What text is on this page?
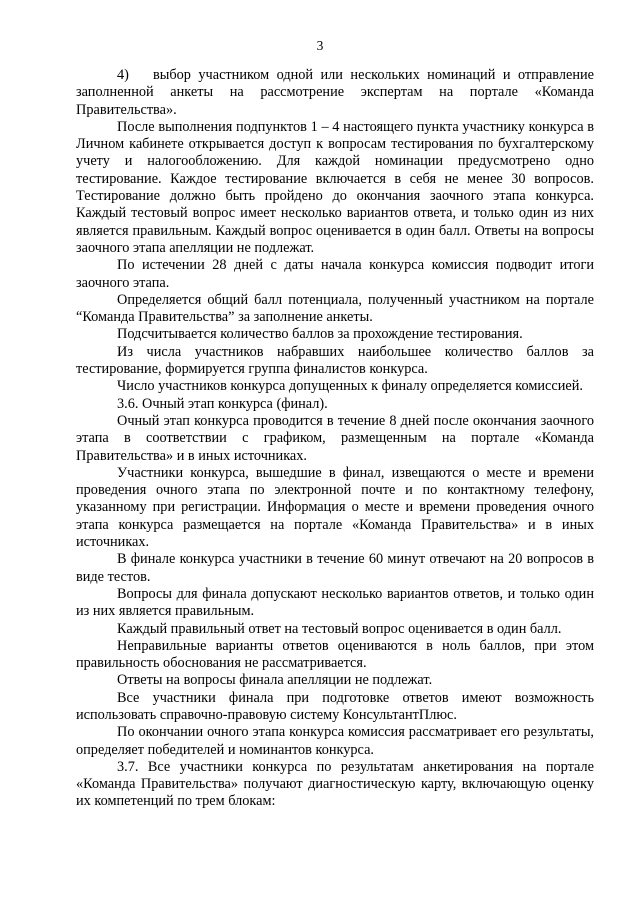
3

4) выбор участником одной или нескольких номинаций и отправление заполненной анкеты на рассмотрение экспертам на портале «Команда Правительства».

После выполнения подпунктов 1 – 4 настоящего пункта участнику конкурса в Личном кабинете открывается доступ к вопросам тестирования по бухгалтерскому учету и налогообложению. Для каждой номинации предусмотрено одно тестирование. Каждое тестирование включается в себя не менее 30 вопросов. Тестирование должно быть пройдено до окончания заочного этапа конкурса. Каждый тестовый вопрос имеет несколько вариантов ответа, и только один из них является правильным. Каждый вопрос оценивается в один балл. Ответы на вопросы заочного этапа апелляции не подлежат.

По истечении 28 дней с даты начала конкурса комиссия подводит итоги заочного этапа.

Определяется общий балл потенциала, полученный участником на портале “Команда Правительства” за заполнение анкеты.

Подсчитывается количество баллов за прохождение тестирования.

Из числа участников набравших наибольшее количество баллов за тестирование, формируется группа финалистов конкурса.

Число участников конкурса допущенных к финалу определяется комиссией.

3.6. Очный этап конкурса (финал).

Очный этап конкурса проводится в течение 8 дней после окончания заочного этапа в соответствии с графиком, размещенным на портале «Команда Правительства» и в иных источниках.

Участники конкурса, вышедшие в финал, извещаются о месте и времени проведения очного этапа по электронной почте и по контактному телефону, указанному при регистрации. Информация о месте и времени проведения очного этапа конкурса размещается на портале «Команда Правительства» и в иных источниках.

В финале конкурса участники в течение 60 минут отвечают на 20 вопросов в виде тестов.

Вопросы для финала допускают несколько вариантов ответов, и только один из них является правильным.

Каждый правильный ответ на тестовый вопрос оценивается в один балл.

Неправильные варианты ответов оцениваются в ноль баллов, при этом правильность обоснования не рассматривается.

Ответы на вопросы финала апелляции не подлежат.

Все участники финала при подготовке ответов имеют возможность использовать справочно-правовую систему КонсультантПлюс.

По окончании очного этапа конкурса комиссия рассматривает его результаты, определяет победителей и номинантов конкурса.

3.7. Все участники конкурса по результатам анкетирования на портале «Команда Правительства» получают диагностическую карту, включающую оценку их компетенций по трем блокам:
